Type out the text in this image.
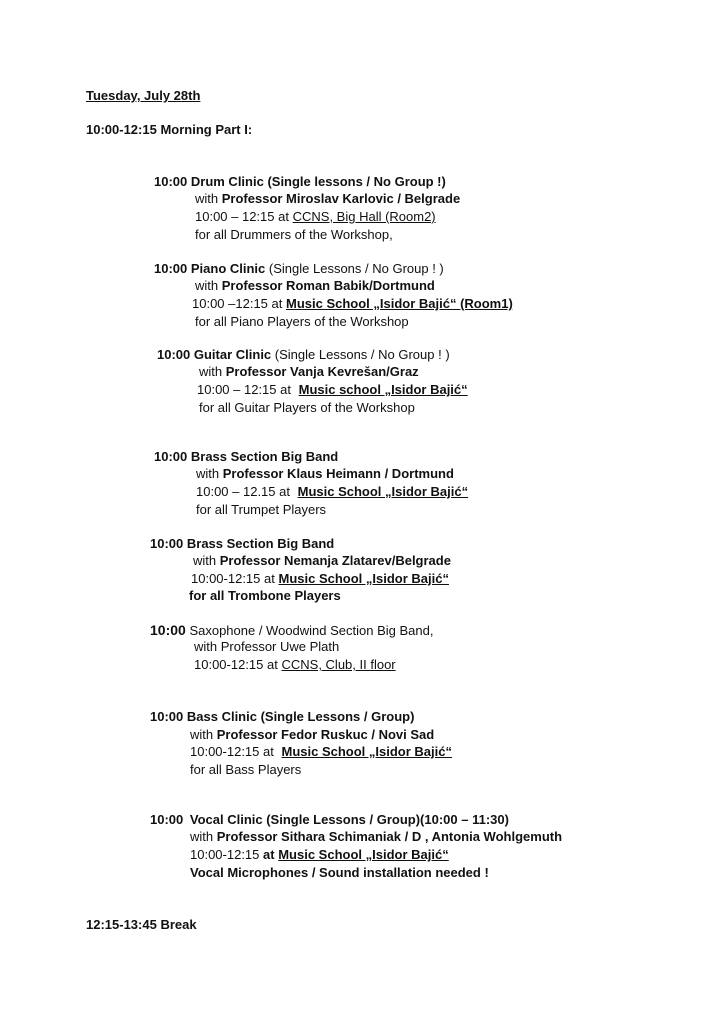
Tuesday, July 28th
10:00-12:15 Morning Part I:
10:00 Drum Clinic (Single lessons / No Group !)
with Professor Miroslav Karlovic / Belgrade
10:00 – 12:15 at CCNS, Big Hall (Room2)
for all Drummers of the Workshop,
10:00 Piano Clinic (Single Lessons / No Group ! )
with Professor Roman Babik/Dortmund
10:00 –12:15 at Music School „Isidor Bajić“ (Room1)
for all Piano Players of the Workshop
10:00 Guitar Clinic (Single Lessons / No Group ! )
with Professor Vanja Kevrešan/Graz
10:00 – 12:15 at Music school „Isidor Bajić“
for all Guitar Players of the Workshop
10:00 Brass Section Big Band
with Professor Klaus Heimann / Dortmund
10:00 – 12.15 at Music School „Isidor Bajić“
for all Trumpet Players
10:00 Brass Section Big Band
with Professor Nemanja Zlatarev/Belgrade
10:00-12:15 at Music School „Isidor Bajić“
for all Trombone Players
10:00 Saxophone / Woodwind Section Big Band,
with Professor Uwe Plath
10:00-12:15 at CCNS, Club, II floor
10:00 Bass Clinic (Single Lessons / Group)
with Professor Fedor Ruskuc / Novi Sad
10:00-12:15 at Music School „Isidor Bajić“
for all Bass Players
10:00 Vocal Clinic (Single Lessons / Group)(10:00 – 11:30)
with Professor Sithara Schimaniak / D , Antonia Wohlgemuth
10:00-12:15 at Music School „Isidor Bajić“
Vocal Microphones / Sound installation needed !
12:15-13:45 Break
